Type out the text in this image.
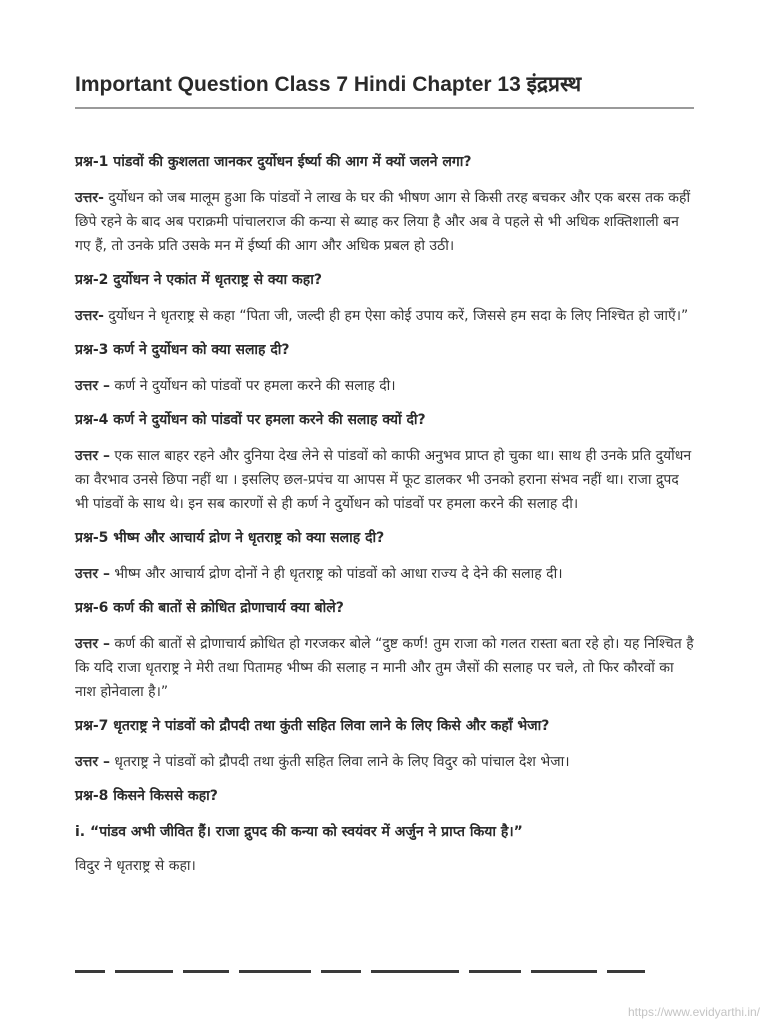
Important Question Class 7 Hindi Chapter 13 इंद्रप्रस्थ

प्रश्न-1 पांडवों की कुशलता जानकर दुर्योधन ईर्ष्या की आग में क्यों जलने लगा?

उत्तर- दुर्योधन को जब मालूम हुआ कि पांडवों ने लाख के घर की भीषण आग से किसी तरह बचकर और एक बरस तक कहीं छिपे रहने के बाद अब पराक्रमी पांचालराज की कन्या से ब्याह कर लिया है और अब वे पहले से भी अधिक शक्तिशाली बन गए हैं, तो उनके प्रति उसके मन में ईर्ष्या की आग और अधिक प्रबल हो उठी।

प्रश्न-2 दुर्योधन ने एकांत में धृतराष्ट्र से क्या कहा?

उत्तर- दुर्योधन ने धृतराष्ट्र से कहा “पिता जी, जल्दी ही हम ऐसा कोई उपाय करें, जिससे हम सदा के लिए निश्चित हो जाएँ।”

प्रश्न-3 कर्ण ने दुर्योधन को क्या सलाह दी?

उत्तर – कर्ण ने दुर्योधन को पांडवों पर हमला करने की सलाह दी।

प्रश्न-4 कर्ण ने दुर्योधन को पांडवों पर हमला करने की सलाह क्यों दी?

उत्तर – एक साल बाहर रहने और दुनिया देख लेने से पांडवों को काफी अनुभव प्राप्त हो चुका था। साथ ही उनके प्रति दुर्योधन का वैरभाव उनसे छिपा नहीं था । इसलिए छल-प्रपंच या आपस में फूट डालकर भी उनको हराना संभव नहीं था। राजा द्रुपद भी पांडवों के साथ थे। इन सब कारणों से ही कर्ण ने दुर्योधन को पांडवों पर हमला करने की सलाह दी।

प्रश्न-5 भीष्म और आचार्य द्रोण ने धृतराष्ट्र को क्या सलाह दी?

उत्तर – भीष्म और आचार्य द्रोण दोनों ने ही धृतराष्ट्र को पांडवों को आधा राज्य दे देने की सलाह दी।

प्रश्न-6 कर्ण की बातों से क्रोधित द्रोणाचार्य क्या बोले?

उत्तर – कर्ण की बातों से द्रोणाचार्य क्रोधित हो गरजकर बोले “दुष्ट कर्ण! तुम राजा को गलत रास्ता बता रहे हो। यह निश्चित है कि यदि राजा धृतराष्ट्र ने मेरी तथा पितामह भीष्म की सलाह न मानी और तुम जैसों की सलाह पर चले, तो फिर कौरवों का नाश होनेवाला है।”

प्रश्न-7 धृतराष्ट्र ने पांडवों को द्रौपदी तथा कुंती सहित लिवा लाने के लिए किसे और कहाँ भेजा?

उत्तर – धृतराष्ट्र ने पांडवों को द्रौपदी तथा कुंती सहित लिवा लाने के लिए विदुर को पांचाल देश भेजा।

प्रश्न-8 किसने किससे कहा?

i. “पांडव अभी जीवित हैं। राजा द्रुपद की कन्या को स्वयंवर में अर्जुन ने प्राप्त किया है।”

विदुर ने धृतराष्ट्र से कहा।

https://www.evidyarthi.in/
